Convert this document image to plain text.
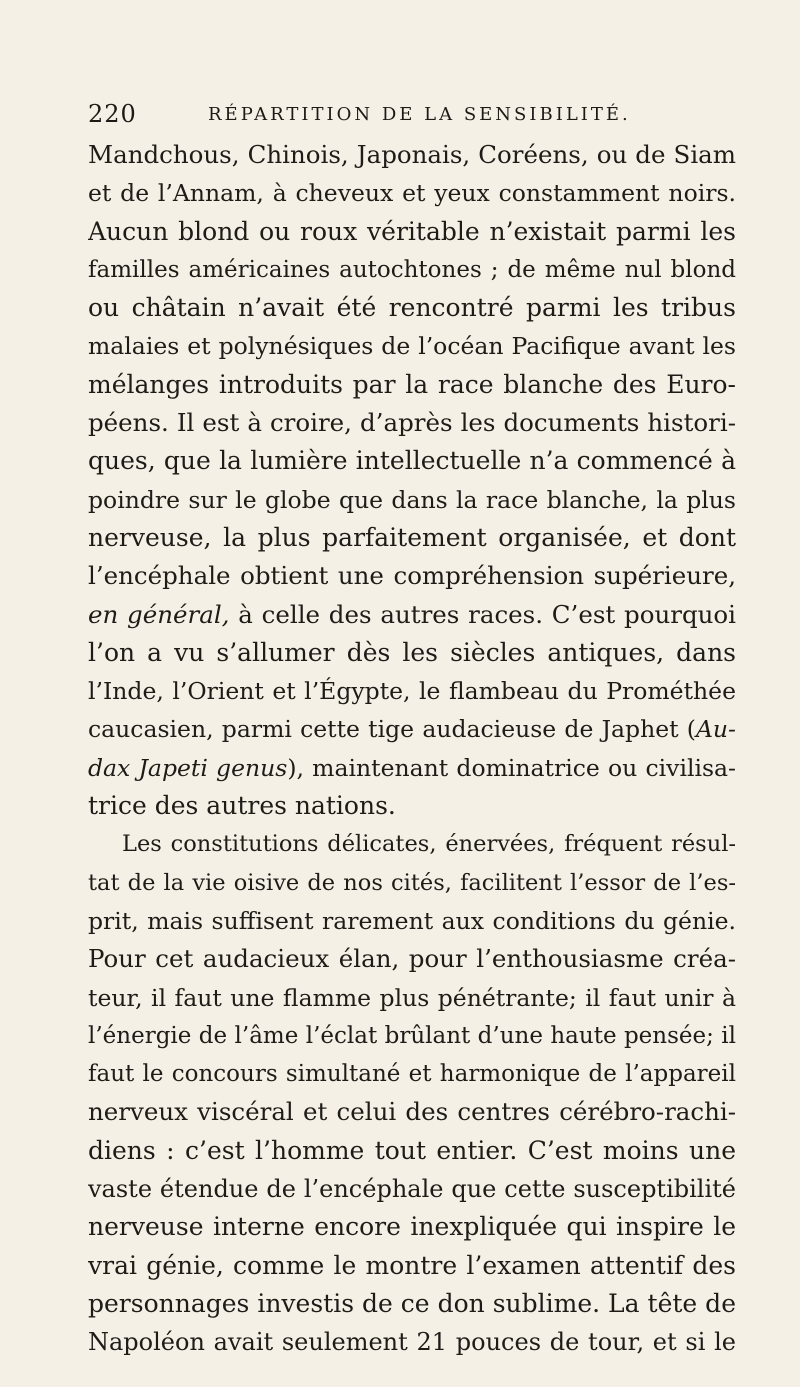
220	RÉPARTITION DE LA SENSIBILITÉ.
Mandchous, Chinois, Japonais, Coréens, ou de Siam
et de l’Annam, à cheveux et yeux constamment noirs.
Aucun blond ou roux véritable n’existait parmi les
familles américaines autochtones ; de même nul blond
ou châtain n’avait été rencontré parmi les tribus
malaies et polynésiques de l’océan Pacifique avant les
mélanges introduits par la race blanche des Euro-
péens. Il est à croire, d’après les documents histori-
ques, que la lumière intellectuelle n’a commencé à
poindre sur le globe que dans la race blanche, la plus
nerveuse, la plus parfaitement organisée, et dont
l’encéphale obtient une compréhension supérieure,
en général, à celle des autres races. C’est pourquoi
l’on a vu s’allumer dès les siècles antiques, dans
l’Inde, l’Orient et l’Égypte, le flambeau du Prométhée
caucasien, parmi cette tige audacieuse de Japhet (Au-
dax Japeti genus), maintenant dominatrice ou civilisa-
trice des autres nations.
Les constitutions délicates, énervées, fréquent résul-
tat de la vie oisive de nos cités, facilitent l’essor de l’es-
prit, mais suffisent rarement aux conditions du génie.
Pour cet audacieux élan, pour l’enthousiasme créa-
teur, il faut une flamme plus pénétrante; il faut unir à
l’énergie de l’âme l’éclat brûlant d’une haute pensée; il
faut le concours simultané et harmonique de l’appareil
nerveux viscéral et celui des centres cérébro-rachi-
diens : c’est l’homme tout entier. C’est moins une
vaste étendue de l’encéphale que cette susceptibilité
nerveuse interne encore inexpliquée qui inspire le
vrai génie, comme le montre l’examen attentif des
personnages investis de ce don sublime. La tête de
Napoléon avait seulement 21 pouces de tour, et si le
